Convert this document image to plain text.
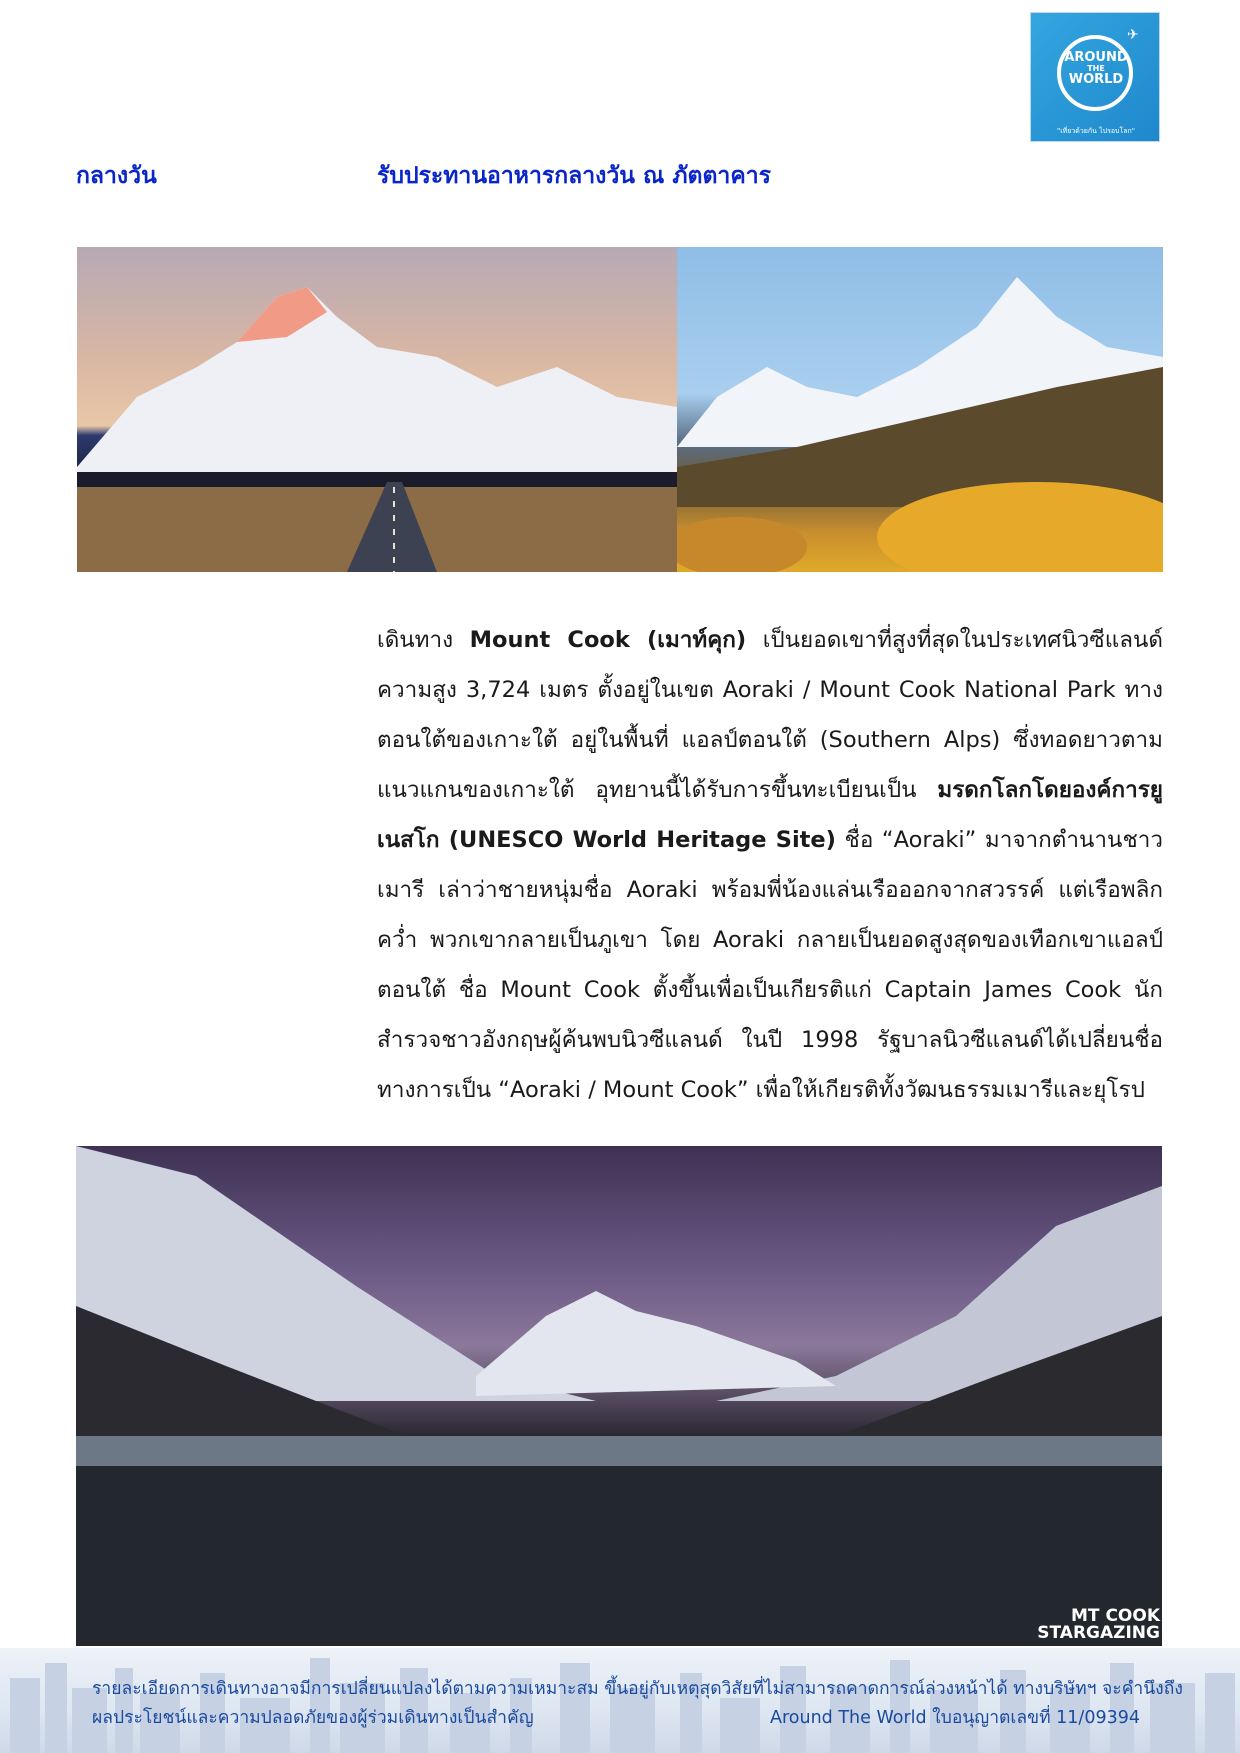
✈
AROUND
THE
WORLD
"เที่ยวด้วยกัน ไปรอบโลก"
กลางวัน	รับประทานอาหารกลางวัน ณ ภัตตาคาร
เดินทาง Mount Cook (เมาท์คุก) เป็นยอดเขาที่สูงที่สุดในประเทศนิวซีแลนด์ ความสูง 3,724 เมตร ตั้งอยู่ในเขต Aoraki / Mount Cook National Park ทางตอนใต้ของเกาะใต้ อยู่ในพื้นที่ แอลป์ตอนใต้ (Southern Alps) ซึ่งทอดยาวตามแนวแกนของเกาะใต้ อุทยานนี้ได้รับการขึ้นทะเบียนเป็น มรดกโลกโดยองค์การยูเนสโก (UNESCO World Heritage Site) ชื่อ “Aoraki” มาจากตำนานชาวเมารี เล่าว่าชายหนุ่มชื่อ Aoraki พร้อมพี่น้องแล่นเรือออกจากสวรรค์ แต่เรือพลิกคว่ำ พวกเขากลายเป็นภูเขา โดย Aoraki กลายเป็นยอดสูงสุดของเทือกเขาแอลป์ตอนใต้ ชื่อ Mount Cook ตั้งขึ้นเพื่อเป็นเกียรติแก่ Captain James Cook นักสำรวจชาวอังกฤษผู้ค้นพบนิวซีแลนด์ ในปี 1998 รัฐบาลนิวซีแลนด์ได้เปลี่ยนชื่อทางการเป็น “Aoraki / Mount Cook” เพื่อให้เกียรติทั้งวัฒนธรรมเมารีและยุโรป
MT COOK
STARGAZING
รายละเอียดการเดินทางอาจมีการเปลี่ยนแปลงได้ตามความเหมาะสม ขึ้นอยู่กับเหตุสุดวิสัยที่ไม่สามารถคาดการณ์ล่วงหน้าได้ ทางบริษัทฯ จะคำนึงถึง
ผลประโยชน์และความปลอดภัยของผู้ร่วมเดินทางเป็นสำคัญ	Around The World ใบอนุญาตเลขที่ 11/09394
